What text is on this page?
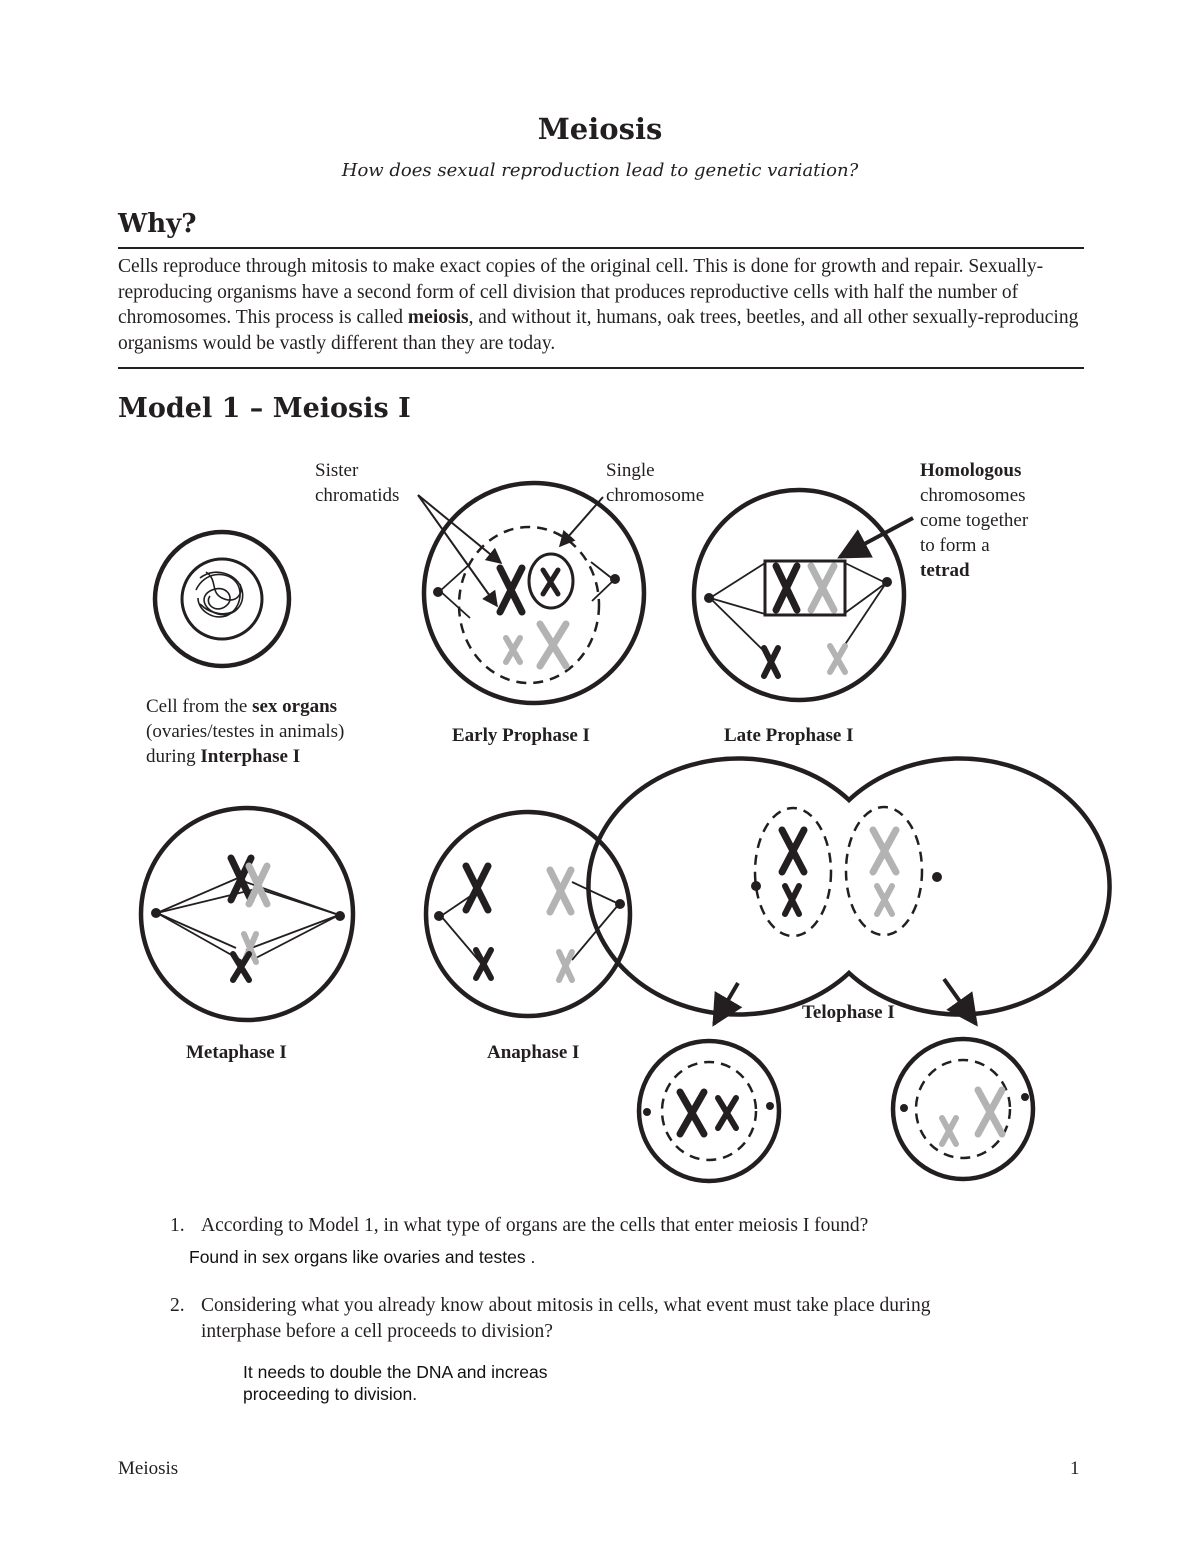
Meiosis
How does sexual reproduction lead to genetic variation?
Why?
Cells reproduce through mitosis to make exact copies of the original cell. This is done for growth and repair. Sexually-reproducing organisms have a second form of cell division that produces reproductive cells with half the number of chromosomes. This process is called meiosis, and without it, humans, oak trees, beetles, and all other sexually-reproducing organisms would be vastly different than they are today.
Model 1 – Meiosis I
Sister
chromatids
Single
chromosome
Homologous
chromosomes
come together
to form a
tetrad
Cell from the sex organs
(ovaries/testes in animals)
during Interphase I
Early Prophase I	Late Prophase I
Metaphase I	Anaphase I
Telophase I
1. According to Model 1, in what type of organs are the cells that enter meiosis I found?
Found in sex organs like ovaries and testes .
2. Considering what you already know about mitosis in cells, what event must take place during
interphase before a cell proceeds to division?
It needs to double the DNA and increas
proceeding to division.
Meiosis	1
